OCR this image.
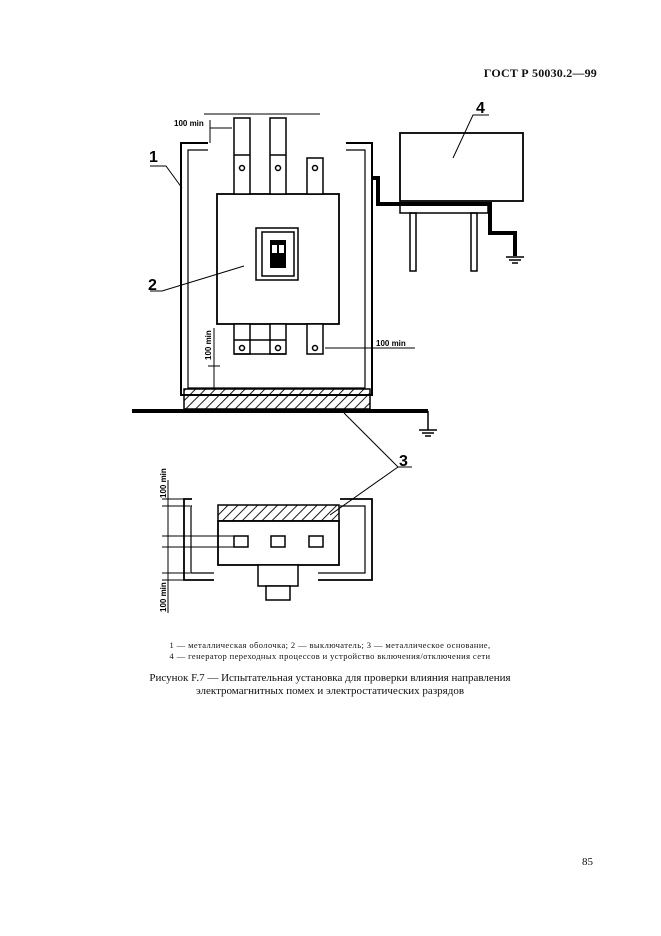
ГОСТ Р 50030.2—99
100 min
100 min
100 min
1
2
3
4
100 min
100 min
1 — металлическая оболочка; 2 — выключатель; 3 — металлическое основание,
4 — генератор переходных процессов и устройство включения/отключения сети
Рисунок F.7 — Испытательная установка для проверки влияния направления
электромагнитных помех и электростатических разрядов
85
